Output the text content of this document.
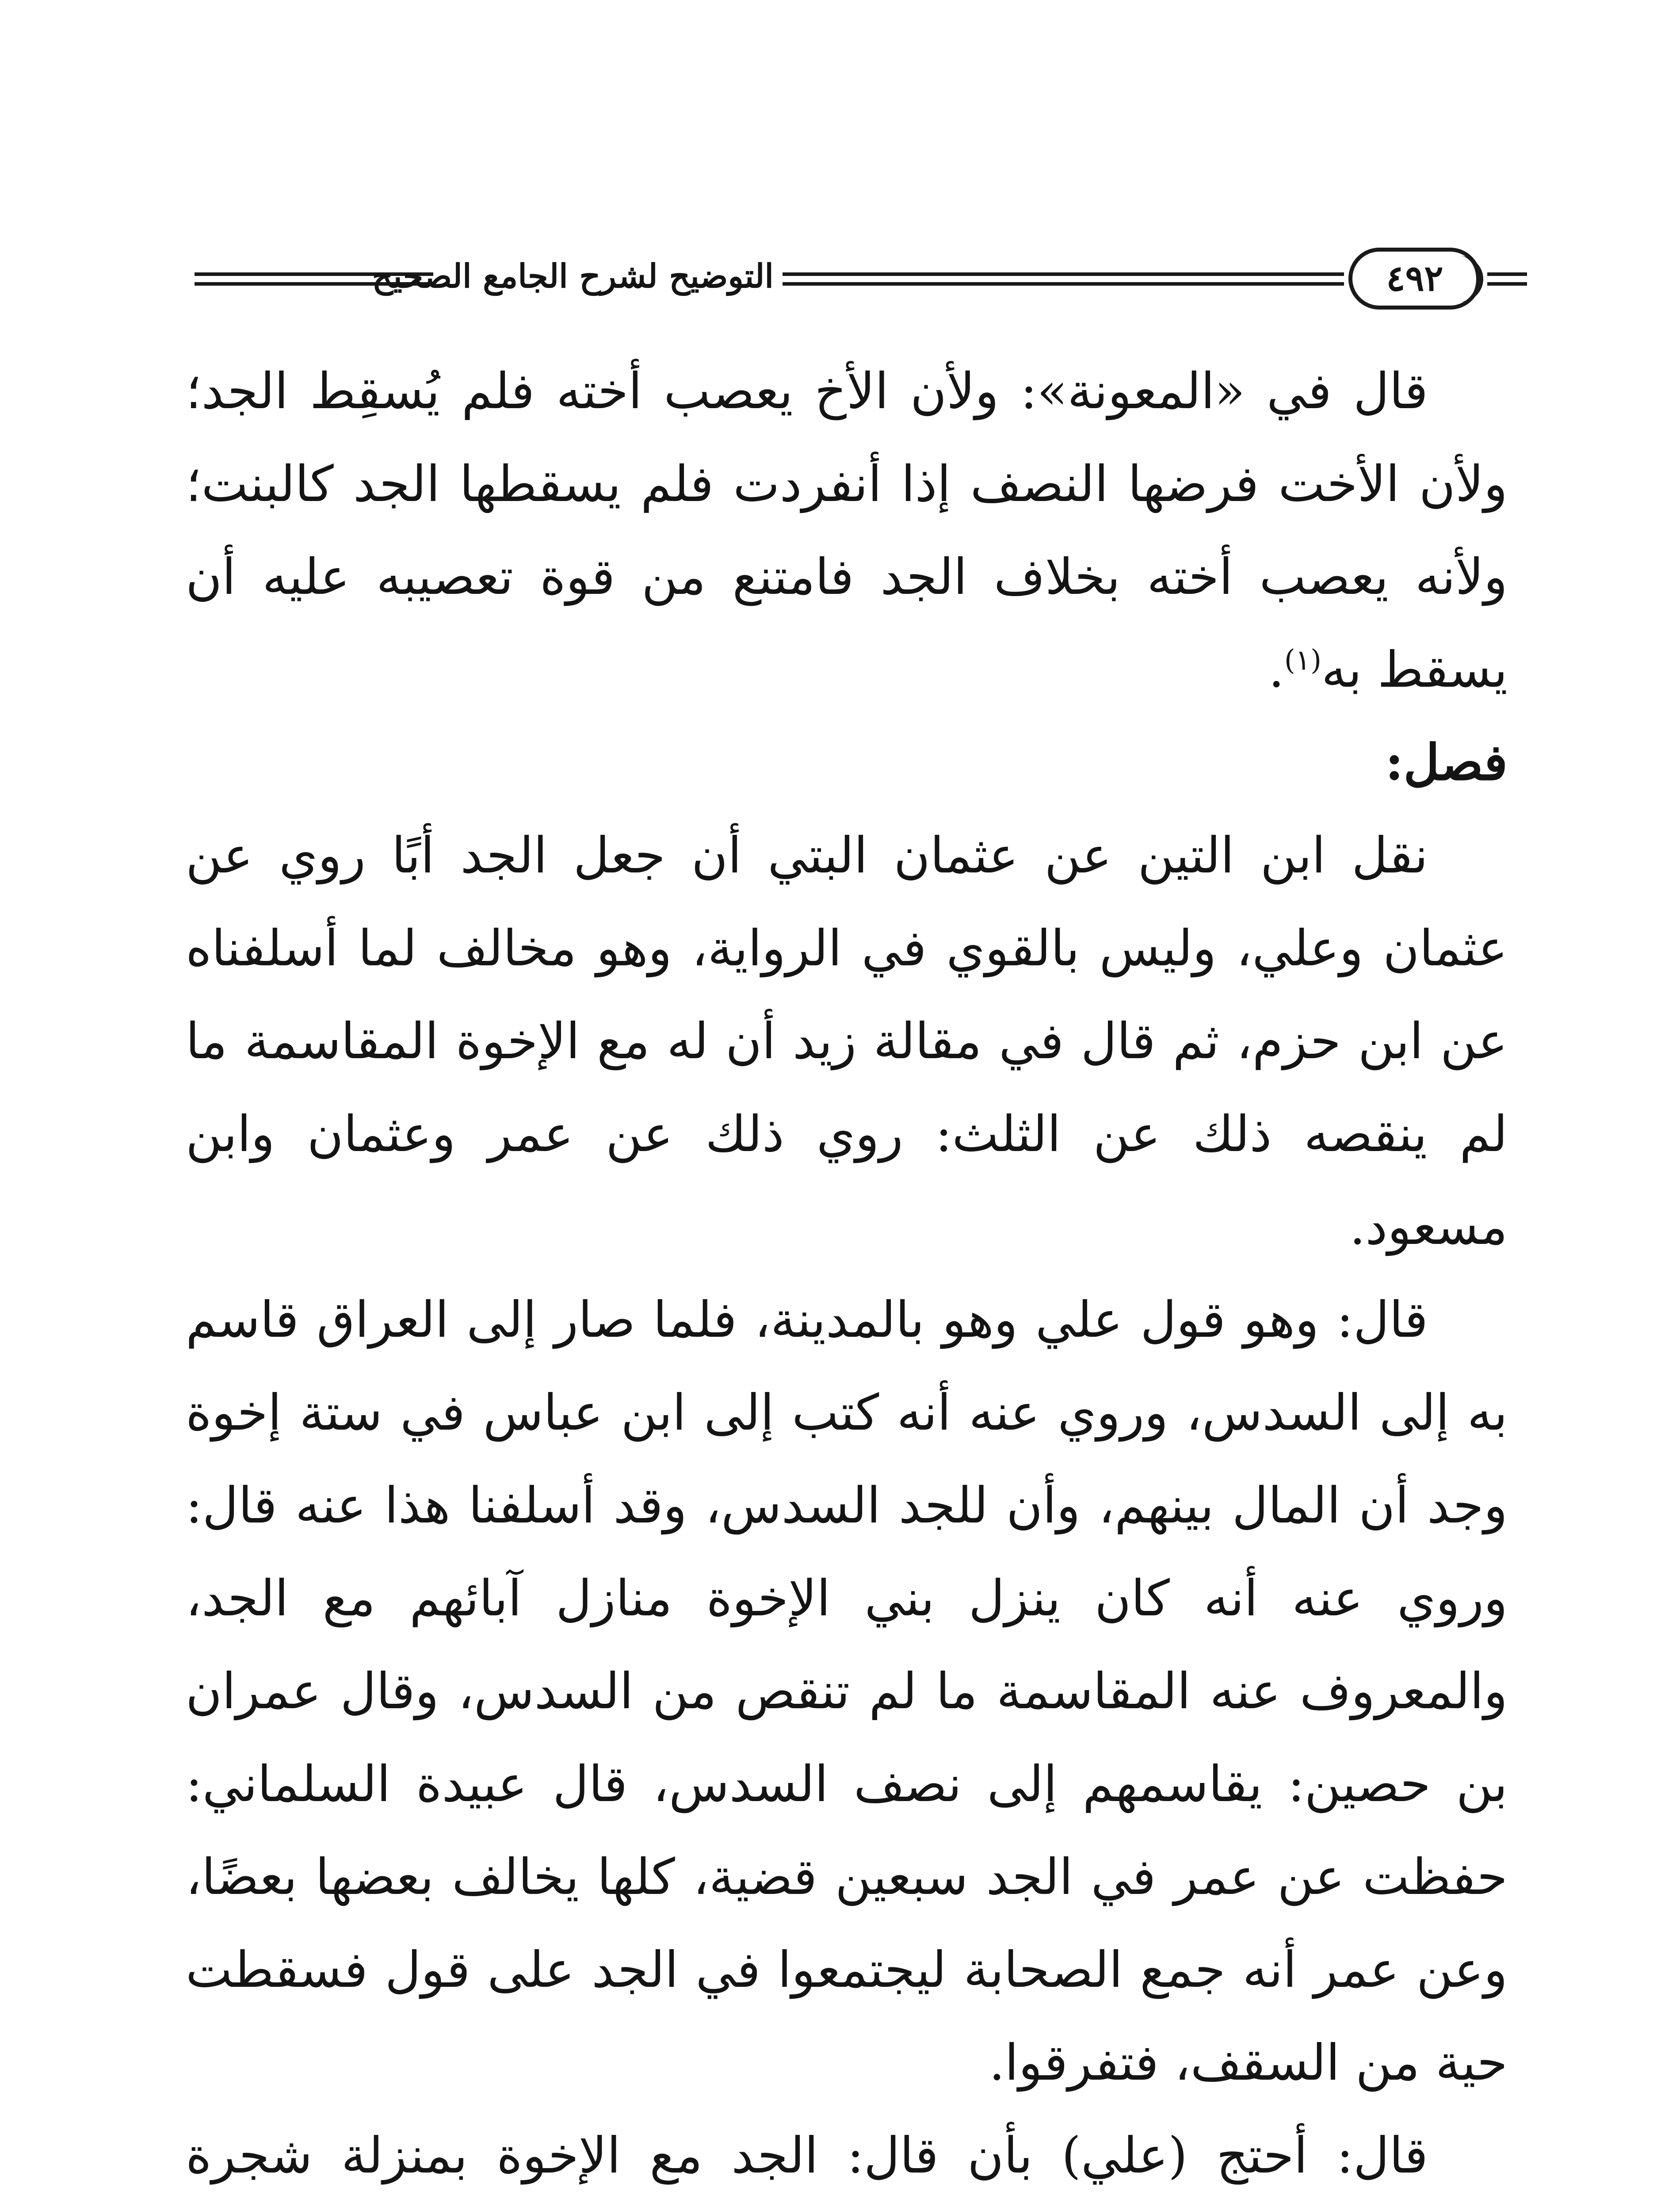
التوضيح لشرح الجامع الصحيح	٤٩٢

قال في «المعونة»: ولأن الأخ يعصب أخته فلم يُسقِط الجد؛ ولأن الأخت فرضها النصف إذا أنفردت فلم يسقطها الجد كالبنت؛ ولأنه يعصب أخته بخلاف الجد فامتنع من قوة تعصيبه عليه أن يسقط به$^{(١)}$.

فصل:

نقل ابن التين عن عثمان البتي أن جعل الجد أبًا روي عن عثمان وعلي، وليس بالقوي في الرواية، وهو مخالف لما أسلفناه عن ابن حزم، ثم قال في مقالة زيد أن له مع الإخوة المقاسمة ما لم ينقصه ذلك عن الثلث: روي ذلك عن عمر وعثمان وابن مسعود.

قال: وهو قول علي وهو بالمدينة، فلما صار إلى العراق قاسم به إلى السدس، وروي عنه أنه كتب إلى ابن عباس في ستة إخوة وجد أن المال بينهم، وأن للجد السدس، وقد أسلفنا هذا عنه قال: وروي عنه أنه كان ينزل بني الإخوة منازل آبائهم مع الجد، والمعروف عنه المقاسمة ما لم تنقص من السدس، وقال عمران بن حصين: يقاسمهم إلى نصف السدس، قال عبيدة السلماني: حفظت عن عمر في الجد سبعين قضية، كلها يخالف بعضها بعضًا، وعن عمر أنه جمع الصحابة ليجتمعوا في الجد على قول فسقطت حية من السقف، فتفرقوا.

قال: أحتج (علي) بأن قال: الجد مع الإخوة بمنزلة شجرة
